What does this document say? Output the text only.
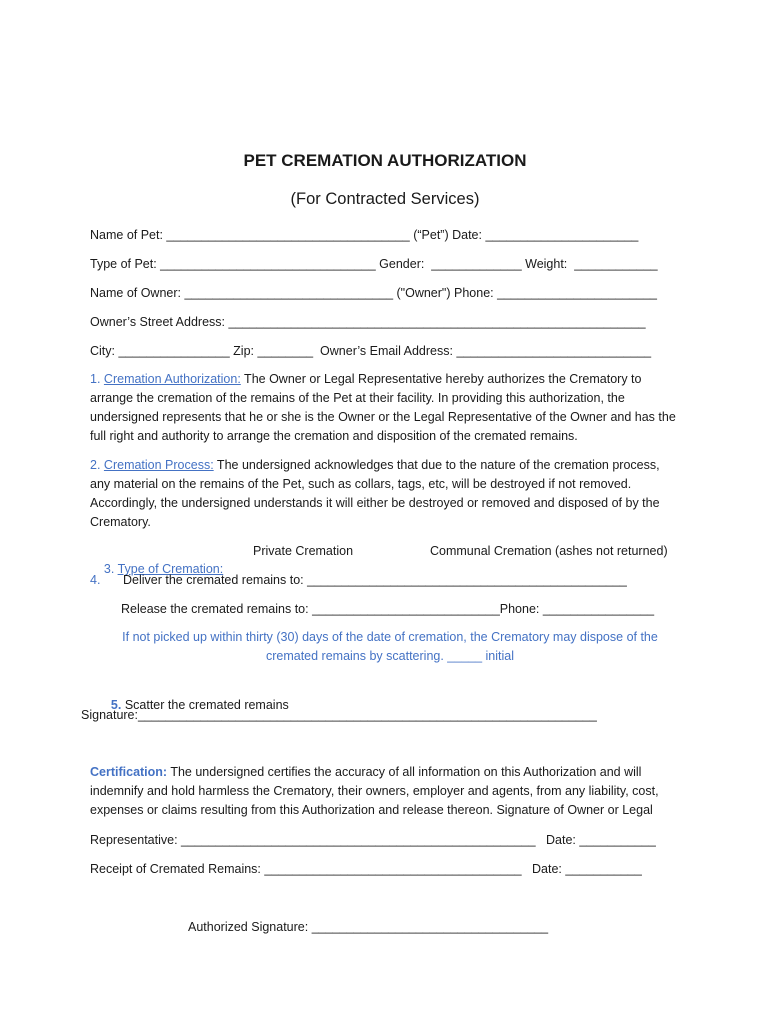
PET CREMATION AUTHORIZATION
(For Contracted Services)
Name of Pet: ___________________________________ (“Pet”) Date: ______________________
Type of Pet: _______________________________ Gender:  _____________ Weight:  ____________
Name of Owner: ______________________________ ("Owner") Phone: _______________________
Owner’s Street Address: ____________________________________________________________
City: ________________ Zip: ________  Owner’s Email Address: ____________________________
1. Cremation Authorization: The Owner or Legal Representative hereby authorizes the Crematory to arrange the cremation of the remains of the Pet at their facility. In providing this authorization, the undersigned represents that he or she is the Owner or the Legal Representative of the Owner and has the full right and authority to arrange the cremation and disposition of the cremated remains.
2. Cremation Process: The undersigned acknowledges that due to the nature of the cremation process, any material on the remains of the Pet, such as collars, tags, etc, will be destroyed if not removed. Accordingly, the undersigned understands it will either be destroyed or removed and disposed of by the Crematory.

3. Type of Cremation:

Private Cremation	Communal Cremation (ashes not returned)
4. Deliver the cremated remains to: ______________________________________________
Release the cremated remains to: ___________________________Phone: ________________
If not picked up within thirty (30) days of the date of cremation, the Crematory may dispose of the cremated remains by scattering. _____ initial

5. Scatter the cremated remains

Signature:__________________________________________________________________
Certification: The undersigned certifies the accuracy of all information on this Authorization and will indemnify and hold harmless the Crematory, their owners, employer and agents, from any liability, cost, expenses or claims resulting from this Authorization and release thereon. Signature of Owner or Legal
Representative: ___________________________________________________   Date: ___________
Receipt of Cremated Remains: _____________________________________   Date: ___________
Authorized Signature: __________________________________
